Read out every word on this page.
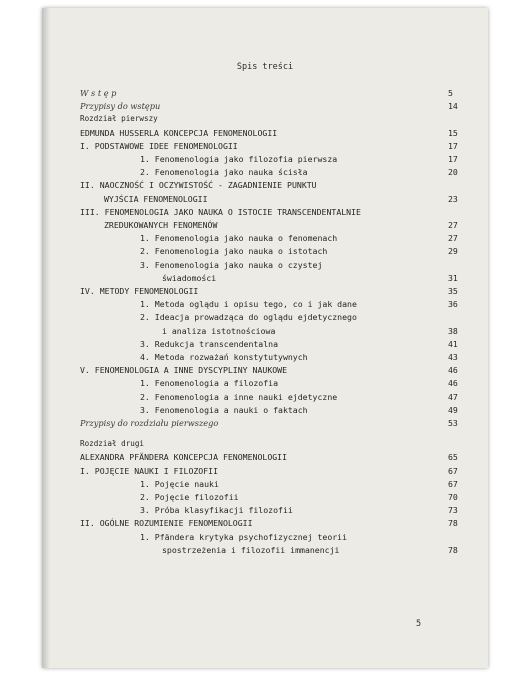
Spis treści
W s t ę p	5
Przypisy do wstępu	14
Rozdział pierwszy
EDMUNDA HUSSERLA KONCEPCJA FENOMENOLOGII	15
I. PODSTAWOWE IDEE FENOMENOLOGII	17
1. Fenomenologia jako filozofia pierwsza	17
2. Fenomenologia jako nauka ścisła	20
II. NAOCZNOŚĆ I OCZYWISTOŚĆ - ZAGADNIENIE PUNKTU
WYJŚCIA FENOMENOLOGII	23
III. FENOMENOLOGIA JAKO NAUKA O ISTOCIE TRANSCENDENTALNIE
ZREDUKOWANYCH FENOMENÓW	27
1. Fenomenologia jako nauka o fenomenach	27
2. Fenomenologia jako nauka o istotach	29
3. Fenomenologia jako nauka o czystej
świadomości	31
IV. METODY FENOMENOLOGII	35
1. Metoda oglądu i opisu tego, co i jak dane	36
2. Ideacja prowadząca do oglądu ejdetycznego
i analiza istotnościowa	38
3. Redukcja transcendentalna	41
4. Metoda rozważań konstytutywnych	43
V. FENOMENOLOGIA A INNE DYSCYPLINY NAUKOWE	46
1. Fenomenologia a filozofia	46
2. Fenomenologia a inne nauki ejdetyczne	47
3. Fenomenologia a nauki o faktach	49
Przypisy do rozdziału pierwszego	53
Rozdział drugi
ALEXANDRA PFÄNDERA KONCEPCJA FENOMENOLOGII	65
I. POJĘCIE NAUKI I FILOZOFII	67
1. Pojęcie nauki	67
2. Pojęcie filozofii	70
3. Próba klasyfikacji filozofii	73
II. OGÓLNE ROZUMIENIE FENOMENOLOGII	78
1. Pfändera krytyka psychofizycznej teorii
spostrzeżenia i filozofii immanencji	78
5
